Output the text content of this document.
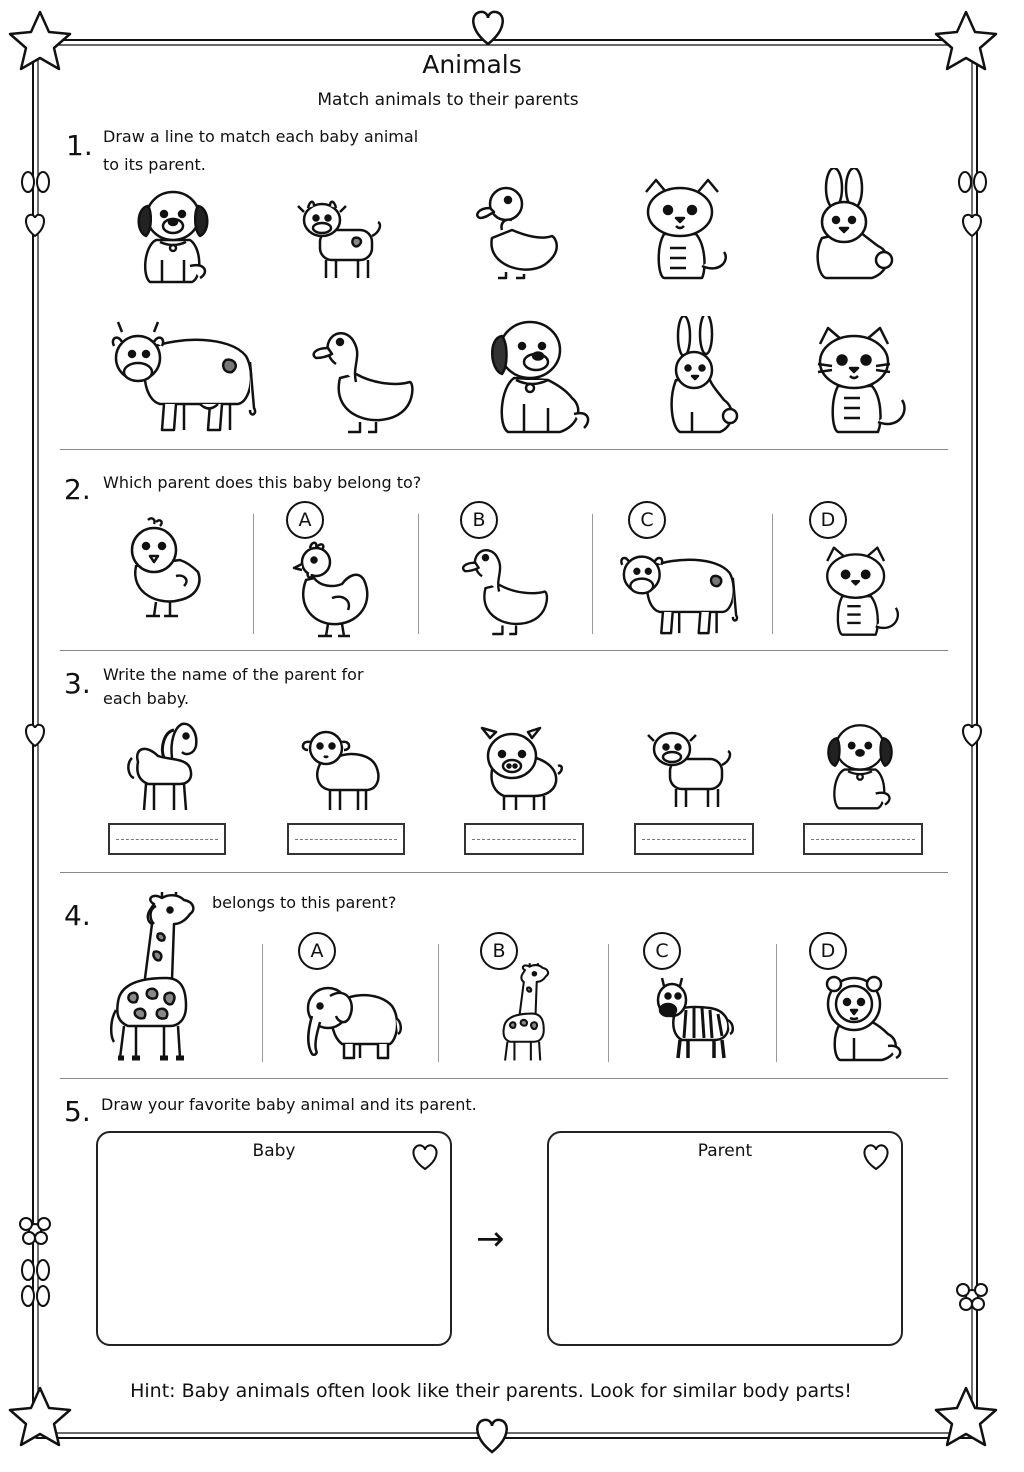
Animals
Match animals to their parents
1. Draw a line to match each baby animal
to its parent.
2. Which parent does this baby belong to?
A	B	C	D
3. Write the name of the parent for
each baby.
4.	belongs to this parent?
A	B	C	D
5. Draw your favorite baby animal and its parent.
Baby
→
Parent
Hint: Baby animals often look like their parents. Look for similar body parts!
